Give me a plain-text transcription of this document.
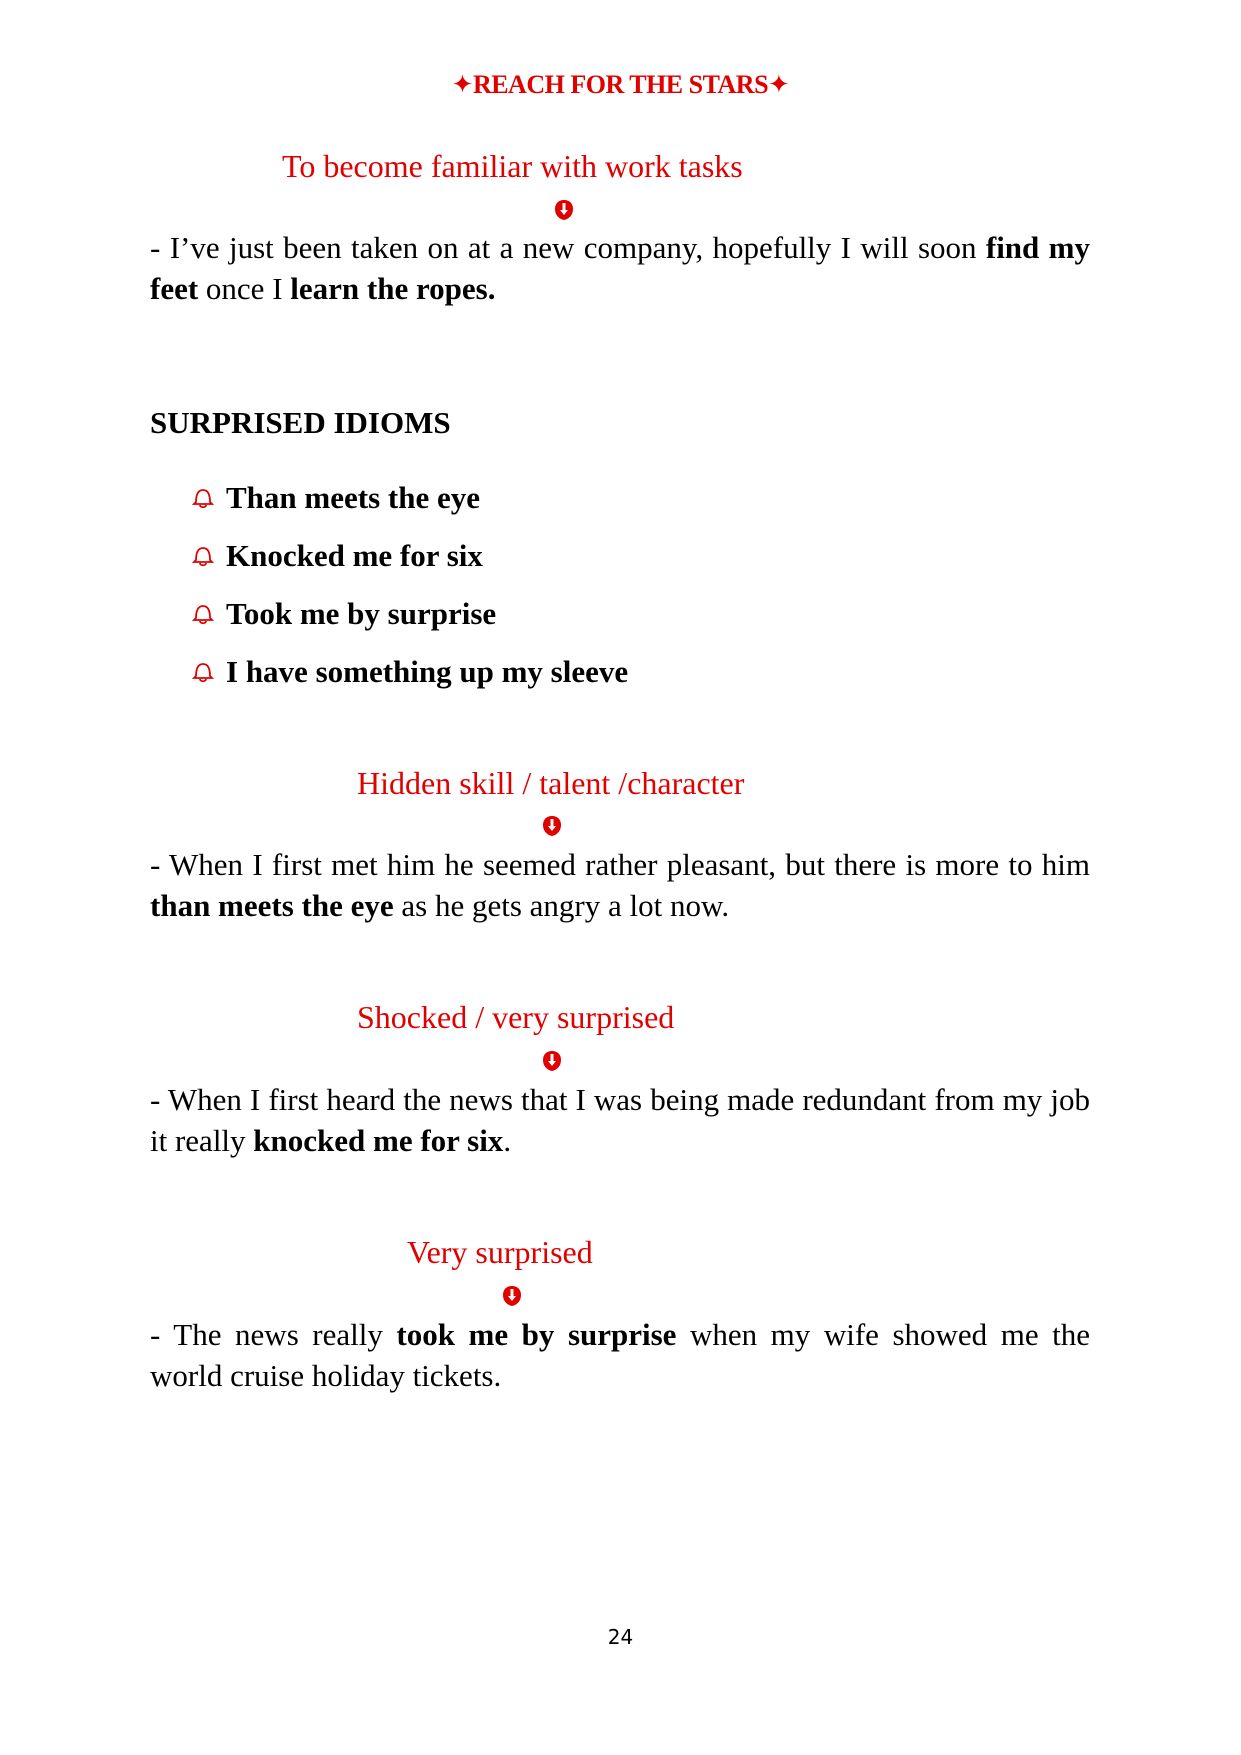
✦REACH FOR THE STARS✦
To become familiar with work tasks
- I’ve just been taken on at a new company, hopefully I will soon find my feet once I learn the ropes.
SURPRISED IDIOMS
Than meets the eye
Knocked me for six
Took me by surprise
I have something up my sleeve
Hidden skill / talent /character
- When I first met him he seemed rather pleasant, but there is more to him than meets the eye as he gets angry a lot now.
Shocked / very surprised
- When I first heard the news that I was being made redundant from my job it really knocked me for six.
Very surprised
- The news really took me by surprise when my wife showed me the world cruise holiday tickets.
24
